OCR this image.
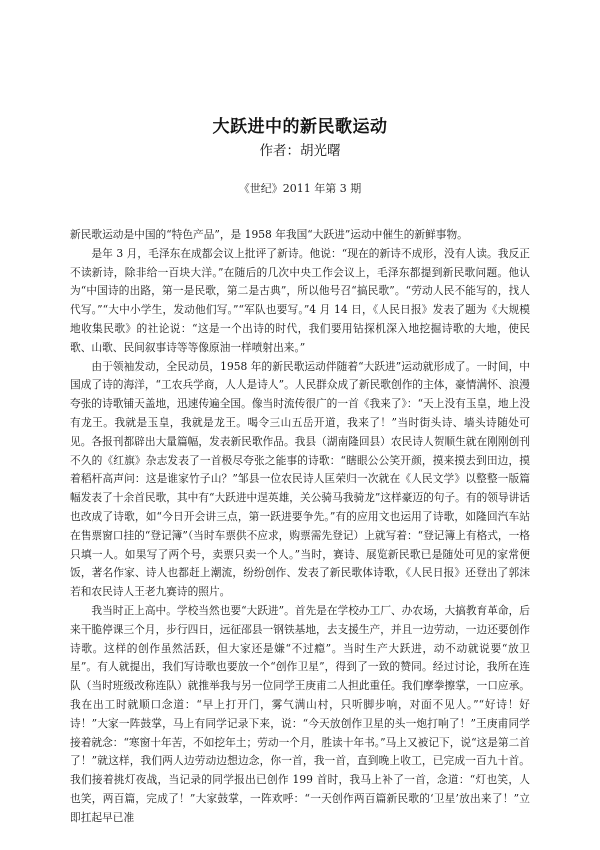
大跃进中的新民歌运动
作者：胡光曙
《世纪》2011 年第 3 期

新民歌运动是中国的“特色产品”，是 1958 年我国“大跃进”运动中催生的新鲜事物。

是年 3 月，毛泽东在成都会议上批评了新诗。他说：“现在的新诗不成形，没有人读。我反正不读新诗，除非给一百块大洋。”在随后的几次中央工作会议上，毛泽东都提到新民歌问题。他认为“中国诗的出路，第一是民歌，第二是古典”，所以他号召“搞民歌”。“劳动人民不能写的，找人代写。”“大中小学生，发动他们写。”“军队也要写。”4 月 14 日，《人民日报》发表了题为《大规模地收集民歌》的社论说：“这是一个出诗的时代，我们要用钻探机深入地挖掘诗歌的大地，使民歌、山歌、民间叙事诗等等像原油一样喷射出来。”

由于领袖发动，全民动员，1958 年的新民歌运动伴随着“大跃进”运动就形成了。一时间，中国成了诗的海洋，“工农兵学商，人人是诗人”。人民群众成了新民歌创作的主体，豪情满怀、浪漫夸张的诗歌铺天盖地，迅速传遍全国。像当时流传很广的一首《我来了》：“天上没有玉皇，地上没有龙王。我就是玉皇，我就是龙王。喝令三山五岳开道，我来了！”当时街头诗、墙头诗随处可见。各报刊都辟出大量篇幅，发表新民歌作品。我县（湖南隆回县）农民诗人贺顺生就在刚刚创刊不久的《红旗》杂志发表了一首极尽夸张之能事的诗歌：“瞎眼公公笑开颜，摸来摸去到田边，摸着稻杆高声问：这是谁家竹子山？”邹县一位农民诗人匡荣归一次就在《人民文学》以整整一版篇幅发表了十余首民歌，其中有“大跃进中逞英雄，关公骑马我骑龙”这样豪迈的句子。有的领导讲话也改成了诗歌，如“今日开会讲三点，第一跃进要争先。”有的应用文也运用了诗歌，如隆回汽车站在售票窗口挂的“登记簿”（当时车票供不应求，购票需先登记）上就写着：“登记簿上有格式，一格只填一人。如果写了两个号，卖票只卖一个人。”当时，赛诗、展览新民歌已是随处可见的家常便饭，著名作家、诗人也都赶上潮流，纷纷创作、发表了新民歌体诗歌，《人民日报》还登出了郭沫若和农民诗人王老九赛诗的照片。

我当时正上高中。学校当然也要“大跃进”。首先是在学校办工厂、办农场，大搞教育革命，后来干脆停课三个月，步行四日，远征邵县一钢铁基地，去支援生产，并且一边劳动，一边还要创作诗歌。这样的创作虽然活跃，但大家还是嫌“不过瘾”。当时生产大跃进，动不动就说要“放卫星”。有人就提出，我们写诗歌也要放一个“创作卫星”，得到了一致的赞同。经过讨论，我所在连队（当时班级改称连队）就推举我与另一位同学王庚甫二人担此重任。我们摩拳擦掌，一口应承。我在出工时就顺口念道：“早上打开门，雾气满山村，只听脚步响，对面不见人。”“好诗！好诗！”大家一阵鼓掌，马上有同学记录下来，说：“今天放创作卫星的头一炮打响了！”王庚甫同学接着就念：“寒窗十年苦，不如挖年土；劳动一个月，胜读十年书。”马上又被记下，说“这是第二首了！”就这样，我们两人边劳动边想边念，你一首，我一首，直到晚上收工，已完成一百九十首。我们接着挑灯夜战，当记录的同学报出已创作 199 首时，我马上补了一首，念道：“灯也笑，人也笑，两百篇，完成了！”大家鼓掌，一阵欢呼：“一天创作两百篇新民歌的‘卫星’放出来了！”立即扛起早已准
